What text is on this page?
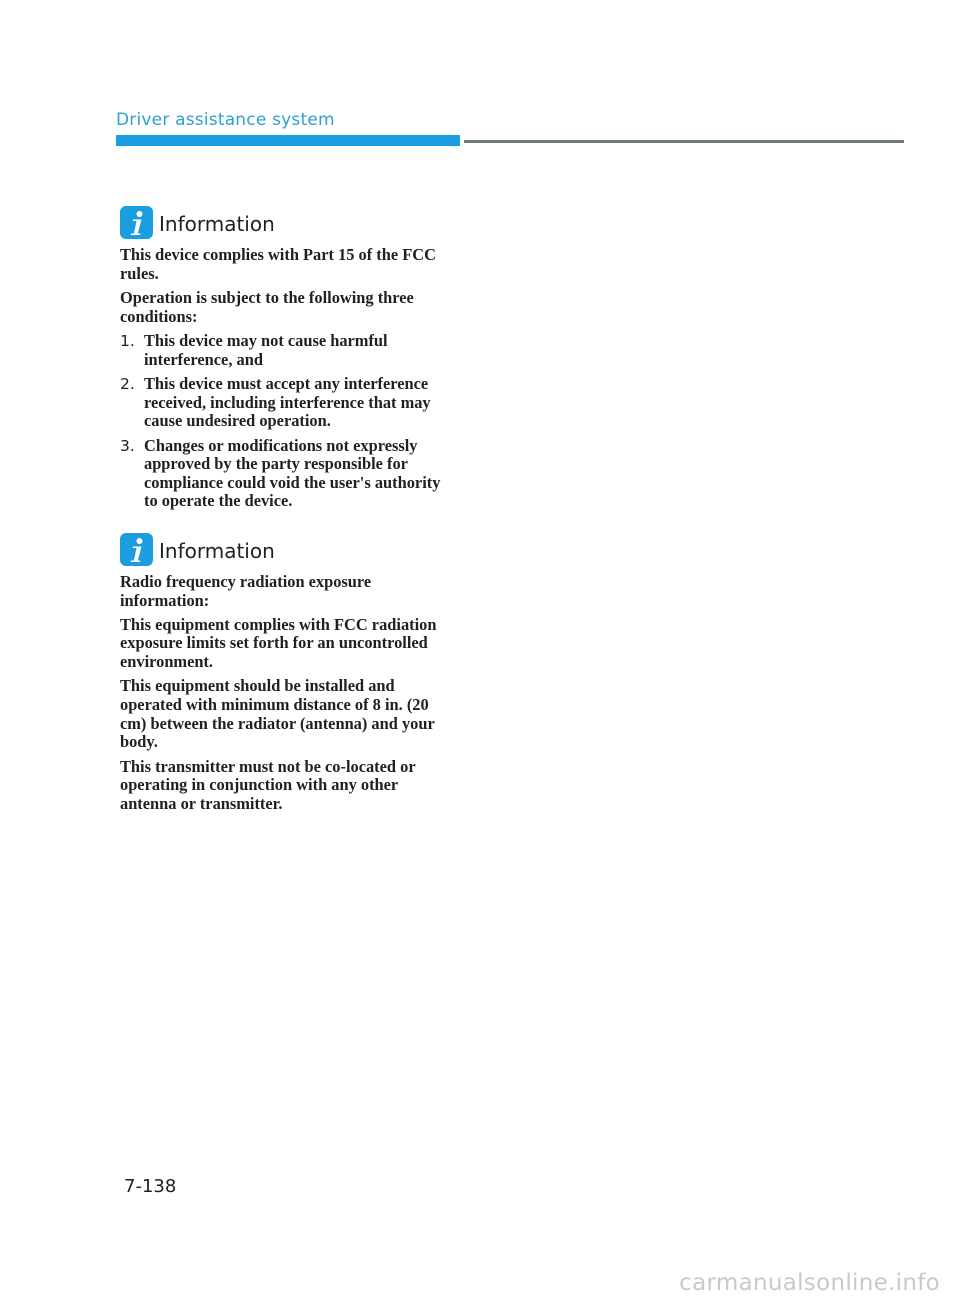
Driver assistance system
Information

This device complies with Part 15 of the FCC rules.

Operation is subject to the following three conditions:

1. This device may not cause harmful interference, and
2. This device must accept any interference received, including interference that may cause undesired operation.
3. Changes or modifications not expressly approved by the party responsible for compliance could void the user's authority to operate the device.
Information

Radio frequency radiation exposure information:

This equipment complies with FCC radiation exposure limits set forth for an uncontrolled environment.

This equipment should be installed and operated with minimum distance of 8 in. (20 cm) between the radiator (antenna) and your body.

This transmitter must not be co-located or operating in conjunction with any other antenna or transmitter.

7-138
carmanualsonline.info
